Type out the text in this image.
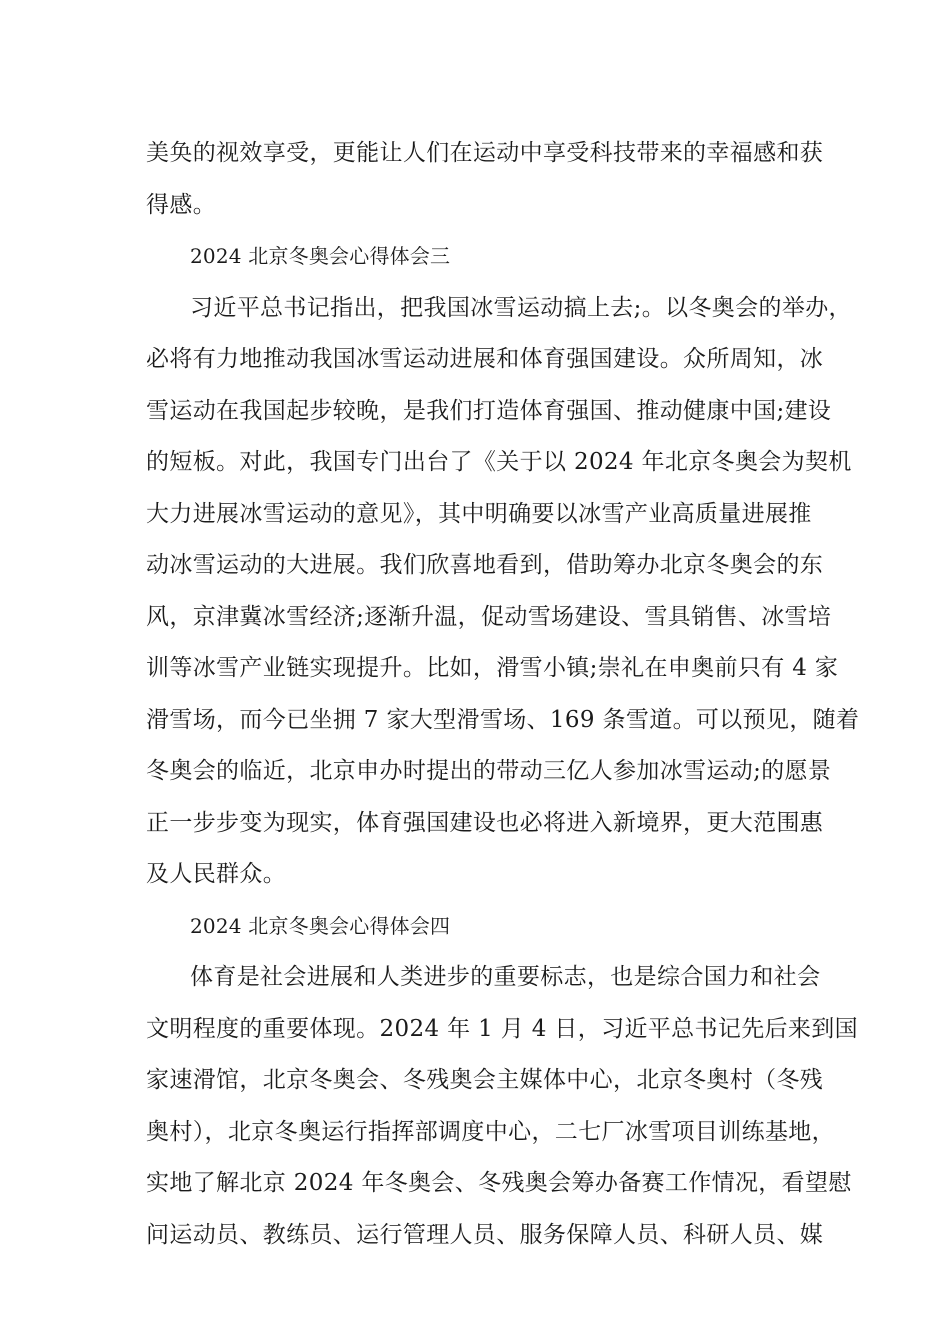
美奂的视效享受，更能让人们在运动中享受科技带来的幸福感和获
得感。
2024 北京冬奥会心得体会三
习近平总书记指出，把我国冰雪运动搞上去;。以冬奥会的举办，
必将有力地推动我国冰雪运动进展和体育强国建设。众所周知，冰
雪运动在我国起步较晚，是我们打造体育强国、推动健康中国;建设
的短板。对此，我国专门出台了《关于以 2024 年北京冬奥会为契机
大力进展冰雪运动的意见》，其中明确要以冰雪产业高质量进展推
动冰雪运动的大进展。我们欣喜地看到，借助筹办北京冬奥会的东
风，京津冀冰雪经济;逐渐升温，促动雪场建设、雪具销售、冰雪培
训等冰雪产业链实现提升。比如，滑雪小镇;崇礼在申奥前只有 4 家
滑雪场，而今已坐拥 7 家大型滑雪场、169 条雪道。可以预见，随着
冬奥会的临近，北京申办时提出的带动三亿人参加冰雪运动;的愿景
正一步步变为现实，体育强国建设也必将进入新境界，更大范围惠
及人民群众。
2024 北京冬奥会心得体会四
体育是社会进展和人类进步的重要标志，也是综合国力和社会
文明程度的重要体现。2024 年 1 月 4 日，习近平总书记先后来到国
家速滑馆，北京冬奥会、冬残奥会主媒体中心，北京冬奥村（冬残
奥村），北京冬奥运行指挥部调度中心，二七厂冰雪项目训练基地，
实地了解北京 2024 年冬奥会、冬残奥会筹办备赛工作情况，看望慰
问运动员、教练员、运行管理人员、服务保障人员、科研人员、媒
